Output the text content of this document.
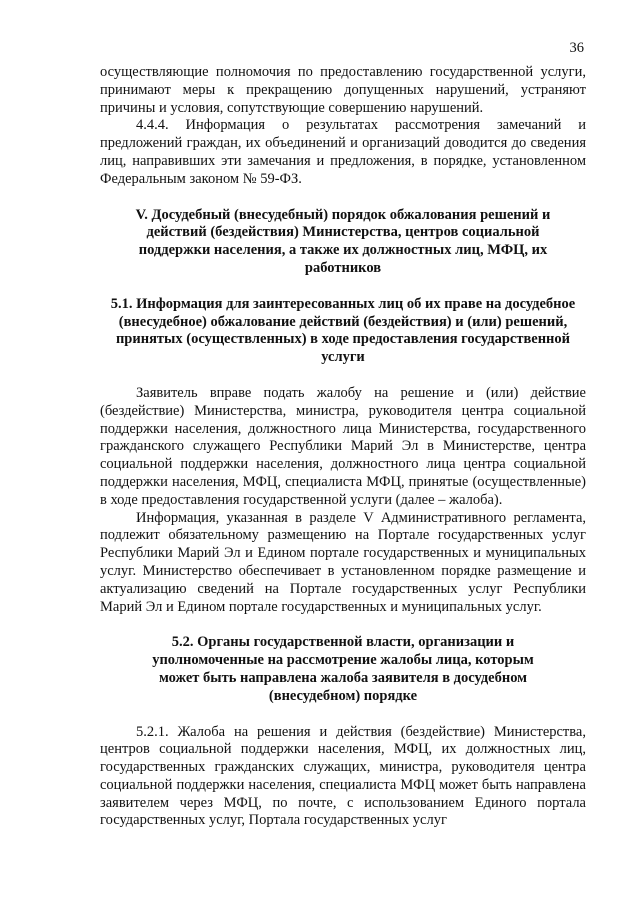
36

осуществляющие полномочия по предоставлению государственной услуги, принимают меры к прекращению допущенных нарушений, устраняют причины и условия, сопутствующие совершению нарушений.

4.4.4. Информация о результатах рассмотрения замечаний и предложений граждан, их объединений и организаций доводится до сведения лиц, направивших эти замечания и предложения, в порядке, установленном Федеральным законом № 59-ФЗ.

V. Досудебный (внесудебный) порядок обжалования решений и действий (бездействия) Министерства, центров социальной поддержки населения, а также их должностных лиц, МФЦ, их работников

5.1. Информация для заинтересованных лиц об их праве на досудебное (внесудебное) обжалование действий (бездействия) и (или) решений, принятых (осуществленных) в ходе предоставления государственной услуги

Заявитель вправе подать жалобу на решение и (или) действие (бездействие) Министерства, министра, руководителя центра социальной поддержки населения, должностного лица Министерства, государственного гражданского служащего Республики Марий Эл в Министерстве, центра социальной поддержки населения, должностного лица центра социальной поддержки населения, МФЦ, специалиста МФЦ, принятые (осуществленные) в ходе предоставления государственной услуги (далее – жалоба).

Информация, указанная в разделе V Административного регламента, подлежит обязательному размещению на Портале государственных услуг Республики Марий Эл и Едином портале государственных и муниципальных услуг. Министерство обеспечивает в установленном порядке размещение и актуализацию сведений на Портале государственных услуг Республики Марий Эл и Едином портале государственных и муниципальных услуг.

5.2. Органы государственной власти, организации и уполномоченные на рассмотрение жалобы лица, которым может быть направлена жалоба заявителя в досудебном (внесудебном) порядке

5.2.1. Жалоба на решения и действия (бездействие) Министерства, центров социальной поддержки населения, МФЦ, их должностных лиц, государственных гражданских служащих, министра, руководителя центра социальной поддержки населения, специалиста МФЦ может быть направлена заявителем через МФЦ, по почте, с использованием Единого портала государственных услуг, Портала государственных услуг
